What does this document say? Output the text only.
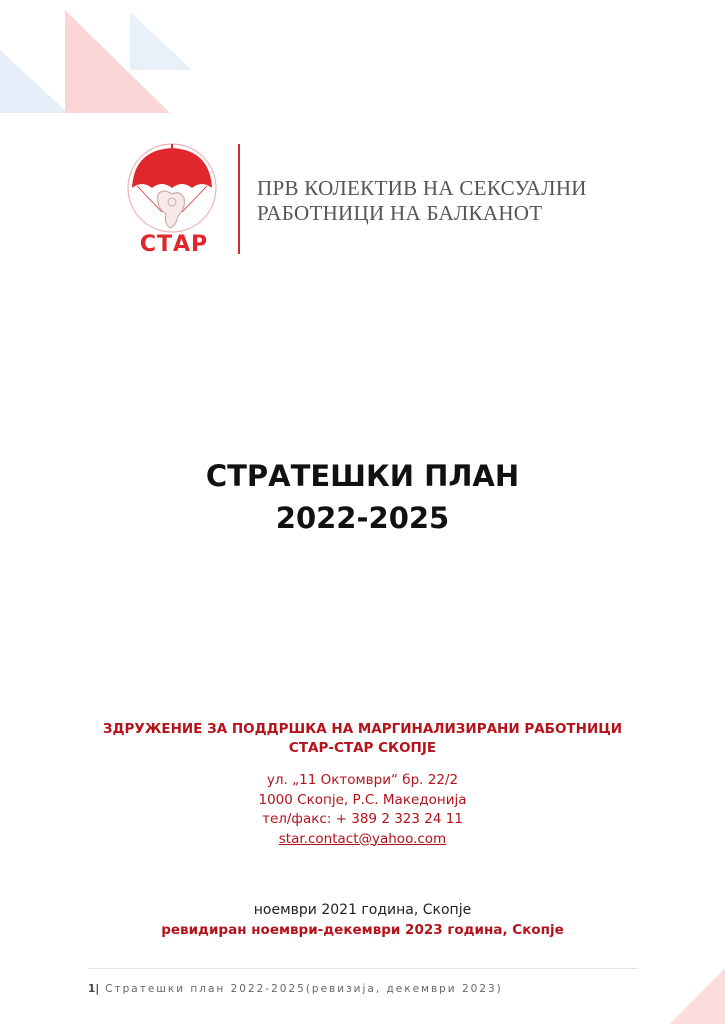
СТАР
ПРВ КОЛЕКТИВ НА СЕКСУАЛНИ
РАБОТНИЦИ НА БАЛКАНОТ
СТРАТЕШКИ ПЛАН
2022-2025
ЗДРУЖЕНИЕ ЗА ПОДДРШКА НА МАРГИНАЛИЗИРАНИ РАБОТНИЦИ
СТАР-СТАР СКОПЈЕ
ул. „11 Октомври“ бр. 22/2
1000 Скопје, Р.С. Македонија
тел/факс: + 389 2 323 24 11
star.contact@yahoo.com
ноември 2021 година, Скопје
ревидиран ноември-декември 2023 година, Скопје
1| Стратешки план 2022-2025(ревизија, декември 2023)
